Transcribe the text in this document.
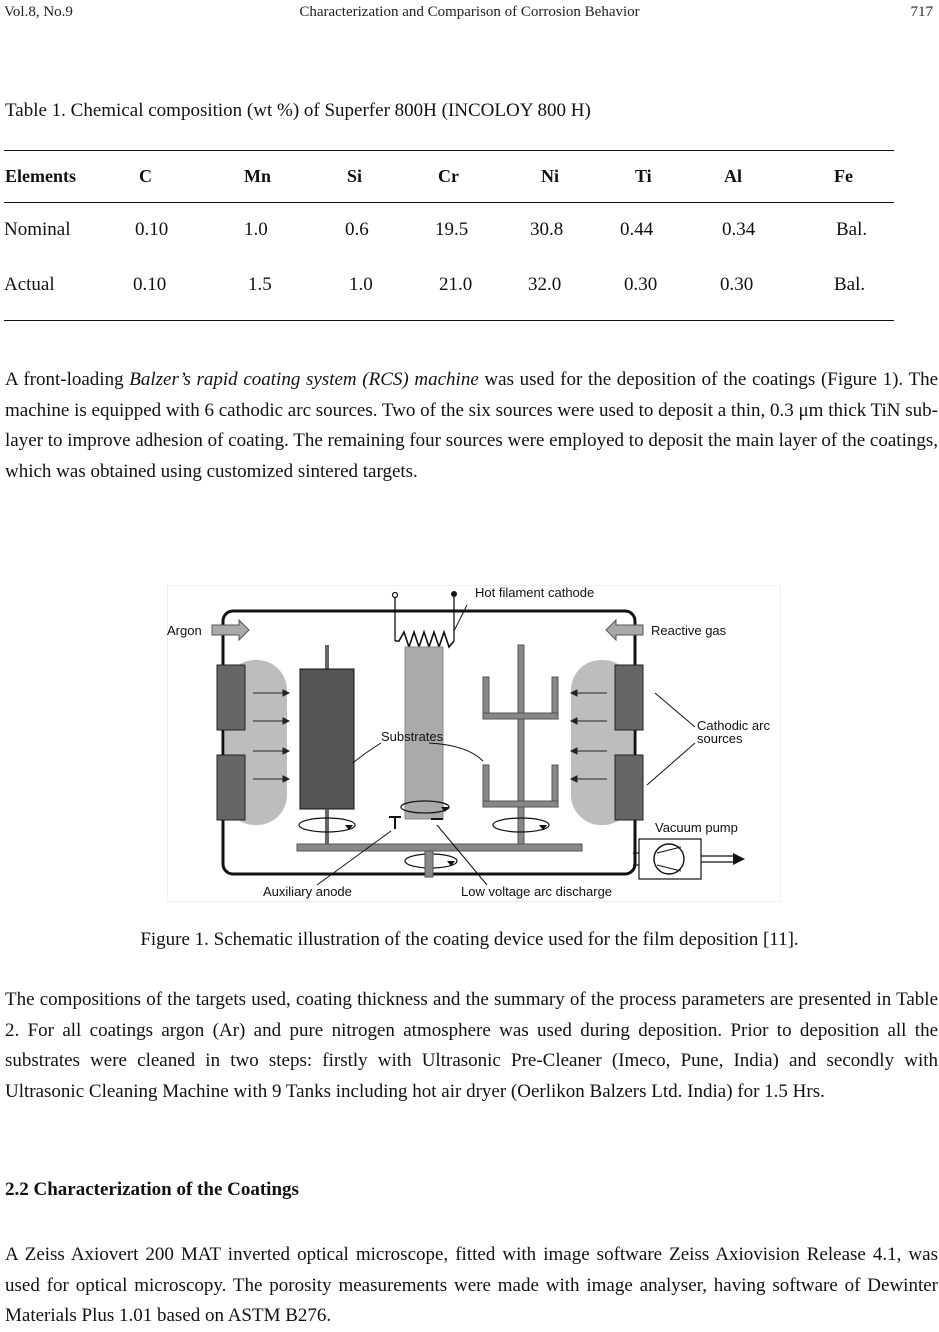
Vol.8, No.9	Characterization and Comparison of Corrosion Behavior	717
Table 1. Chemical composition (wt %) of Superfer 800H (INCOLOY 800 H)
Elements	C	Mn	Si	Cr	Ni	Ti	Al	Fe
Nominal	0.10	1.0	0.6	19.5	30.8	0.44	0.34	Bal.
Actual	0.10	1.5	1.0	21.0	32.0	0.30	0.30	Bal.
A front-loading Balzer’s rapid coating system (RCS) machine was used for the deposition of the coatings (Figure 1). The machine is equipped with 6 cathodic arc sources. Two of the six sources were used to deposit a thin, 0.3 μm thick TiN sub-layer to improve adhesion of coating. The remaining four sources were employed to deposit the main layer of the coatings, which was obtained using customized sintered targets.
Hot filament cathode
Argon	Reactive gas
Substrates
Cathodic arc
sources
Vacuum pump
Auxiliary anode	Low voltage arc discharge
Figure 1. Schematic illustration of the coating device used for the film deposition [11].
The compositions of the targets used, coating thickness and the summary of the process parameters are presented in Table 2. For all coatings argon (Ar) and pure nitrogen atmosphere was used during deposition. Prior to deposition all the substrates were cleaned in two steps: firstly with Ultrasonic Pre-Cleaner (Imeco, Pune, India) and secondly with Ultrasonic Cleaning Machine with 9 Tanks including hot air dryer (Oerlikon Balzers Ltd. India) for 1.5 Hrs.
2.2 Characterization of the Coatings
A Zeiss Axiovert 200 MAT inverted optical microscope, fitted with image software Zeiss Axiovision Release 4.1, was used for optical microscopy. The porosity measurements were made with image analyser, having software of Dewinter Materials Plus 1.01 based on ASTM B276.
